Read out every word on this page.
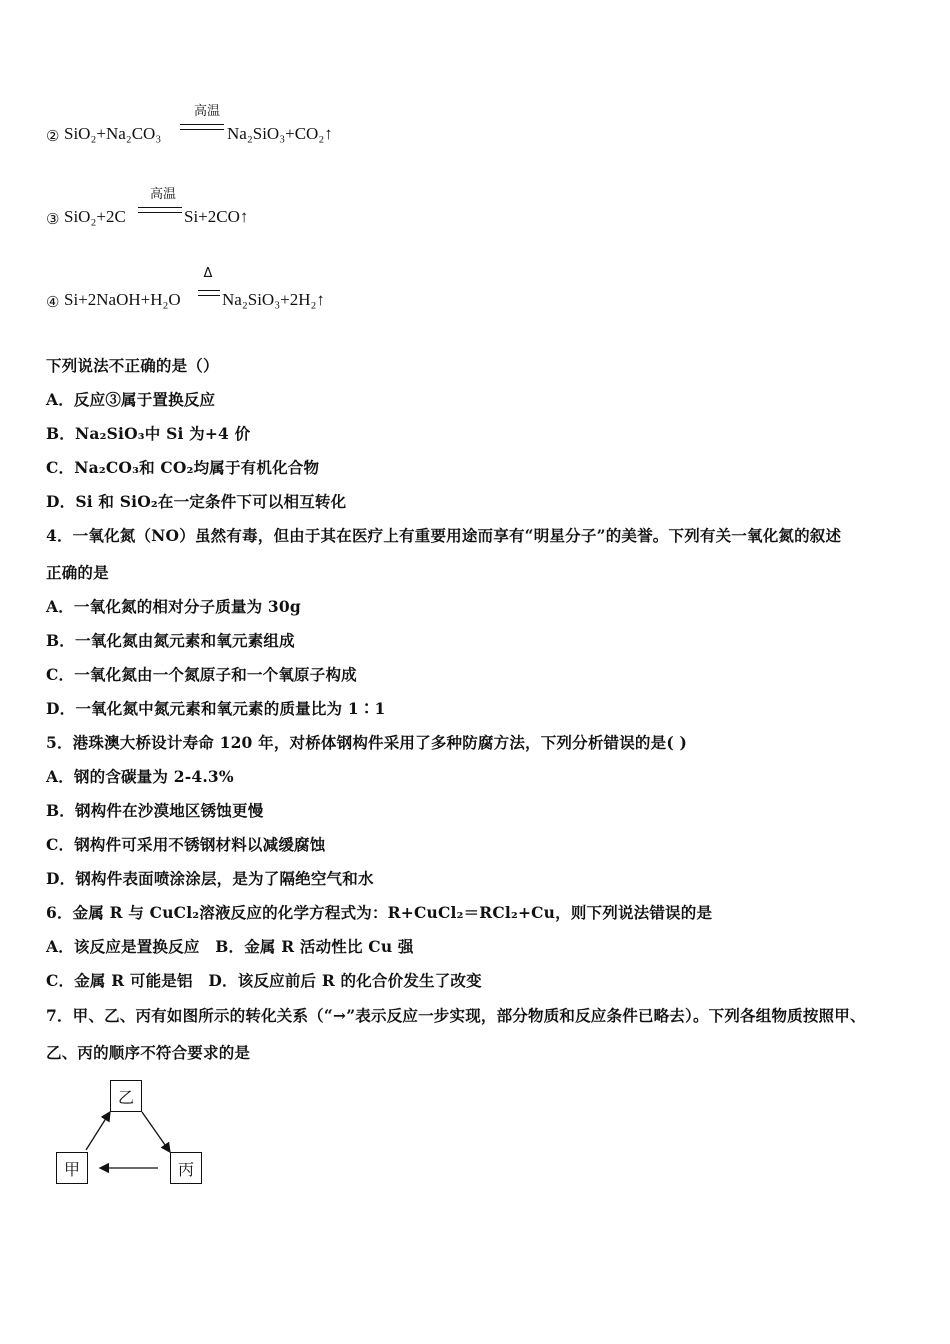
② SiO₂+Na₂CO₃
高温
Na₂SiO₃+CO₂↑
③ SiO₂+2C
高温
Si+2CO↑
④ Si+2NaOH+H₂O
Δ
Na₂SiO₃+2H₂↑
下列说法不正确的是（）
A．反应③属于置换反应
B．Na₂SiO₃中 Si 为+4 价
C．Na₂CO₃和 CO₂均属于有机化合物
D．Si 和 SiO₂在一定条件下可以相互转化
4．一氧化氮（NO）虽然有毒，但由于其在医疗上有重要用途而享有“明星分子”的美誉。下列有关一氧化氮的叙述
正确的是
A．一氧化氮的相对分子质量为 30g
B．一氧化氮由氮元素和氧元素组成
C．一氧化氮由一个氮原子和一个氧原子构成
D．一氧化氮中氮元素和氧元素的质量比为 1∶1
5．港珠澳大桥设计寿命 120 年，对桥体钢构件采用了多种防腐方法，下列分析错误的是( )
A．钢的含碳量为 2-4.3%
B．钢构件在沙漠地区锈蚀更慢
C．钢构件可采用不锈钢材料以减缓腐蚀
D．钢构件表面喷涂涂层，是为了隔绝空气和水
6．金属 R 与 CuCl₂溶液反应的化学方程式为：R+CuCl₂＝RCl₂+Cu，则下列说法错误的是
A．该反应是置换反应　B．金属 R 活动性比 Cu 强
C．金属 R 可能是铝　D．该反应前后 R 的化合价发生了改变
7．甲、乙、丙有如图所示的转化关系（“→”表示反应一步实现，部分物质和反应条件已略去）。下列各组物质按照甲、
乙、丙的顺序不符合要求的是
乙
甲	丙
